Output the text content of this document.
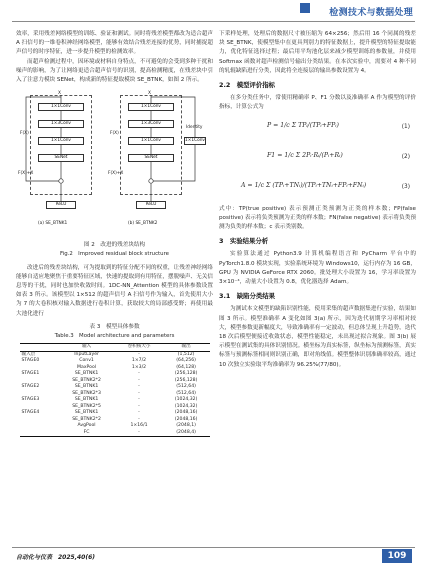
检测技术与数据处理

效率，采用残差网络模型的训练、验证和测试。同时将残差模型都改为适合超声 A 扫信号的一维卷积神经网络模型，能够有效结合残差连接的优势，同时捕捉超声信号的时序特征，进一步提升模型的检测效率。

而超声检测过程中，因环境或材料自身特点，不可避免的会受到多种干扰和噪声的影响，为了让网络更适合超声信号的识别，提高检测精度，在残差块中引入了注意力模块 SENet，构成新的特征提取模块 SE_BTNK，如图 2 所示。

X
1×1Conv
1×3Conv
1×1Conv
SENet
F(X)+X
F(X)
ReLU
(a) SE_BTNK1
X
1×1Conv
1×3Conv
1×1Conv
SENet
1×1Conv
Identity
F(X)+X
F(X)
ReLU
(b) SE_BTNK2
图 2　改进的残差块结构
Fig.2　Improved residual block structure

改进后的残差块结构，可为提取到的特征分配不同的权重，让残差神经网络能够自适应地聚焦于重要特征区域，快速的提取到有用特征，摆脱噪声、无关信息等的干扰，同时也加快收敛时间。1DC-NN_Attention 模型的具体参数设置如表 3 所示。该模型以 1×512 的超声信号 A 扫信号作为输入，首先使用大小为 7 的大卷积核对输入数据进行卷积计算，获取较大的局部感受野；再使用最大池化进行

表 3　模型具体参数
Table.3　Model architecture and parameters
	输入	卷积核大小	输出
输入层	InputLayer	-	(1,512)
STAGE0	Conv1	1×7/2	(64,256)
	MaxPool	1×3/2	(64,128)
STAGE1	SE_BTNK1	-	(256,128)
	SE_BTNK2*2	-	(256,128)
STAGE2	SE_BTNK1	-	(512,64)
	SE_BTNK2*3	-	(512,64)
STAGE3	SE_BTNK1	-	(1024,32)
	SE_BTNK2*5	-	(1024,32)
STAGE4	SE_BTNK1	-	(2048,16)
	SE_BTNK2*2	-	(2048,16)
	AvgPool	1×16/1	(2048,1)
	FC	-	(2048,4)

下采样处理，处理后的数据尺寸被压缩为 64×256；然后用 16 个同属的残差块 SE_BTNK，使模型集中在更具判别力的特征数据上，提升模型的特征提取能力，优化特征选择过程；最后用平均池化层来减少模型训练的参数量，并使用 Softmax 函数对超声检测信号输出分类结果。在本次实验中，需要对 4 种不同的轧辊缺陷进行分类，因此将全连接层的输出参数设置为 4。

2.2　模型评价指标

在多分类任务中，常使用精确率 P、F1 分数以及准确率 A 作为模型的评价指标，计算公式为

P = 1/c Σ TPᵢ/(TPᵢ+FPᵢ)	(1)
F1 = 1/c Σ 2Pᵢ·Rᵢ/(Pᵢ+Rᵢ)	(2)
A = 1/c Σ (TPᵢ+TNᵢ)/(TPᵢ+TNᵢ+FPᵢ+FNᵢ)	(3)

式中：TP(true positive) 表示预测正类预测为正类的样本数；FP(false positive) 表示将负类预测为正类的样本数；FN(false negative) 表示将负类预测为负类的样本数；c 表示类别数。

3　实验结果分析

实验算法通过 Python3.9 计算机编程语言和 PyCharm 平台中的 PyTorch1.8.0 模块实现，实验系统环境为 Windows10，运行内存为 16 GB，GPU 为 NVIDIA GeForce RTX 2060。批处理大小设置为 16，学习率设置为 3×10⁻⁴，动量大小设置为 0.8，优化器选择 Adam。

3.1　缺陷分类结果

为测试本文模型的缺陷识别性能，使用采集的超声数据集进行实验，结果如图 3 所示。模型准确率 A 变化如图 3(a) 所示，因为迭代初期学习率相对较大，模型参数更新幅度大，导致准确率有一定波动，但总体呈现上升趋势，迭代 18 次后模型便接近收敛状态，模型性能稳定，未出现过拟合现象。图 3(b) 展示模型在测试集的具体识别情况。横坐标为真实标签，纵坐标为预测标签，真实标签与预测标签相同则识别正确，即对角线值。模型整体识别准确率较高，通过 10 次独立实验取平均准确率为 96.25%(77/80)。

自动化与仪表　2025,40(6)	109
